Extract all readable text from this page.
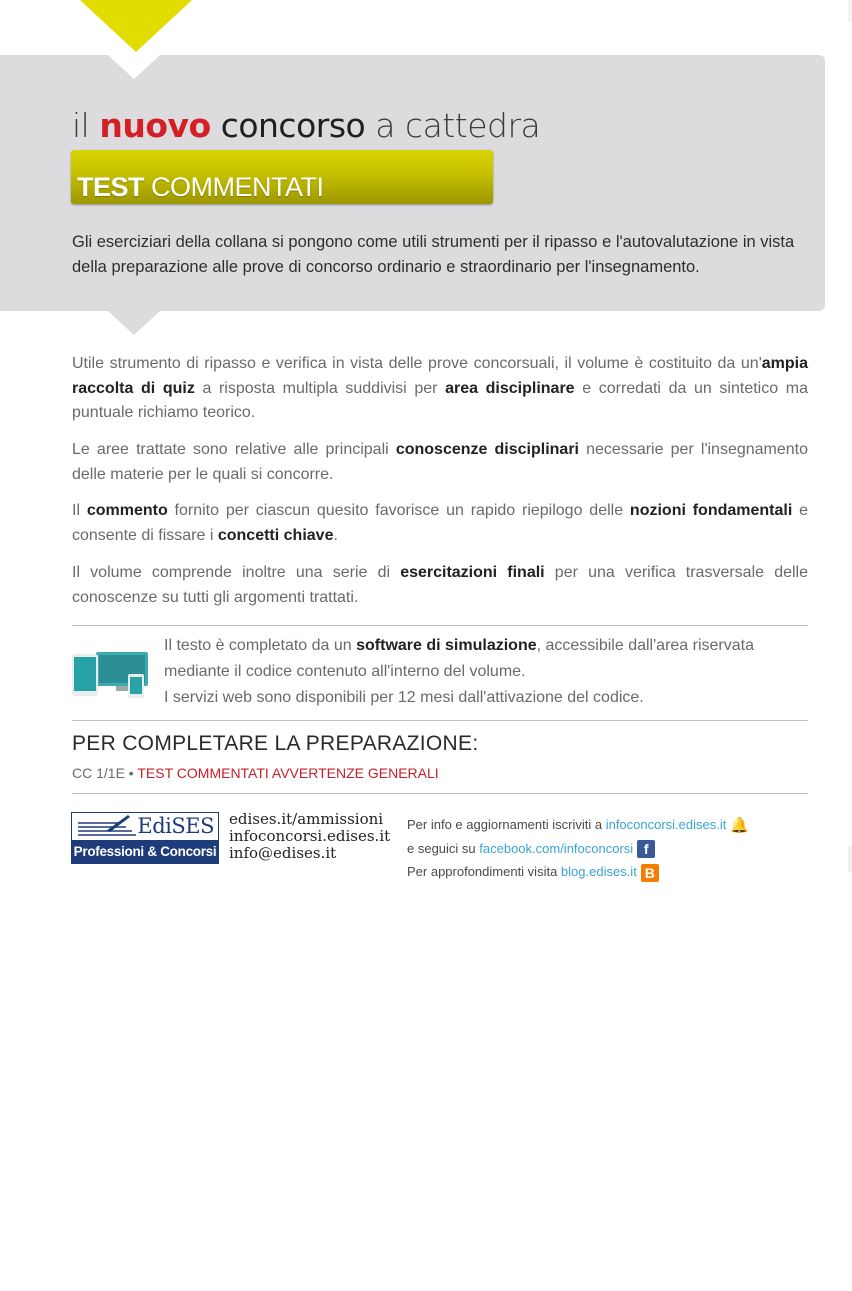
il nuovo concorso a cattedra
TEST COMMENTATI
Gli eserciziari della collana si pongono come utili strumenti per il ripasso e l'autovalutazione in vista della preparazione alle prove di concorso ordinario e straordinario per l'insegnamento.
Utile strumento di ripasso e verifica in vista delle prove concorsuali, il volume è costituito da un'ampia raccolta di quiz a risposta multipla suddivisi per area disciplinare e corredati da un sintetico ma puntuale richiamo teorico.
Le aree trattate sono relative alle principali conoscenze disciplinari necessarie per l'insegnamento delle materie per le quali si concorre.
Il commento fornito per ciascun quesito favorisce un rapido riepilogo delle nozioni fondamentali e consente di fissare i concetti chiave.
Il volume comprende inoltre una serie di esercitazioni finali per una verifica trasversale delle conoscenze su tutti gli argomenti trattati.
Il testo è completato da un software di simulazione, accessibile dall'area riservata mediante il codice contenuto all'interno del volume.
I servizi web sono disponibili per 12 mesi dall'attivazione del codice.
PER COMPLETARE LA PREPARAZIONE:
CC 1/1E • TEST COMMENTATI AVVERTENZE GENERALI
EdiSES
Professioni & Concorsi
edises.it/ammissioni
infoconcorsi.edises.it
info@edises.it
Per info e aggiornamenti iscriviti a infoconcorsi.edises.it 🔔
e seguici su facebook.com/infoconcorsi f
Per approfondimenti visita blog.edises.it B
